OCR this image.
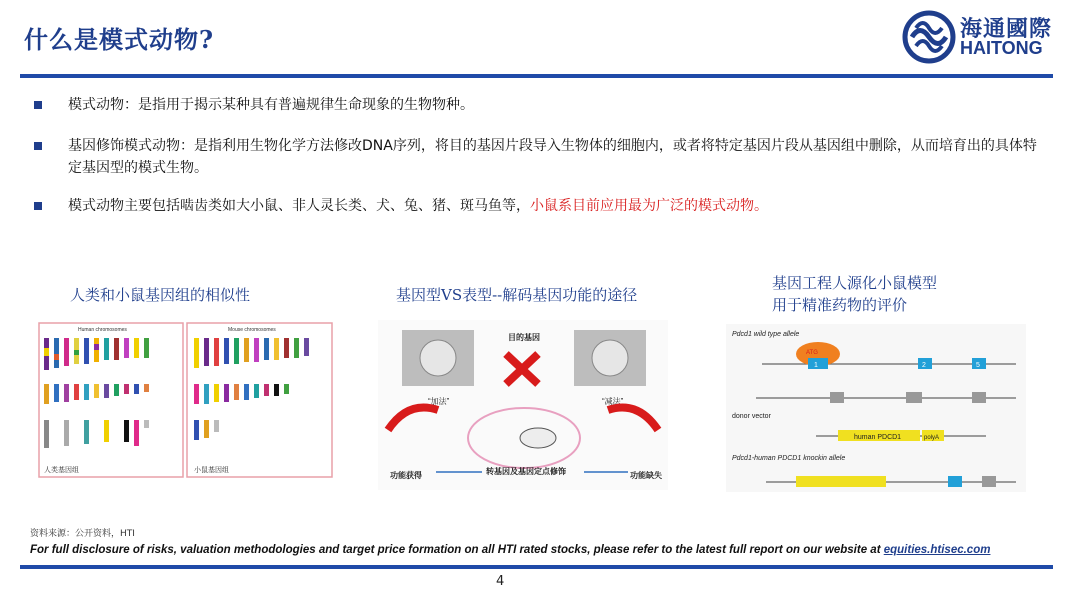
什么是模式动物?	海通國際
HAITONG
模式动物：是指用于揭示某种具有普遍规律生命现象的生物物种。
基因修饰模式动物：是指利用生物化学方法修改DNA序列，将目的基因片段导入生物体的细胞内，或者将特定基因片段从基因组中删除，从而培育出的具体特定基因型的模式生物。
模式动物主要包括啮齿类如大小鼠、非人灵长类、犬、兔、猪、斑马鱼等，小鼠系目前应用最为广泛的模式动物。
人类和小鼠基因组的相似性	基因型VS表型--解码基因功能的途径
基因工程人源化小鼠模型
用于精准药物的评价
Human chromosomes	Mouse chromosomes
人类基因组	小鼠基因组
目的基因
“加法”	“减法”
功能获得	转基因及基因定点修饰	功能缺失
Pdcd1 wild type allele
ATG
1	2	5
donor vector
human PDCD1	polyA
Pdcd1-human PDCD1 knockin allele
资料来源：公开资料，HTI
For full disclosure of risks, valuation methodologies and target price formation on all HTI rated stocks, please refer to the latest full report on our website at equities.htisec.com
4
